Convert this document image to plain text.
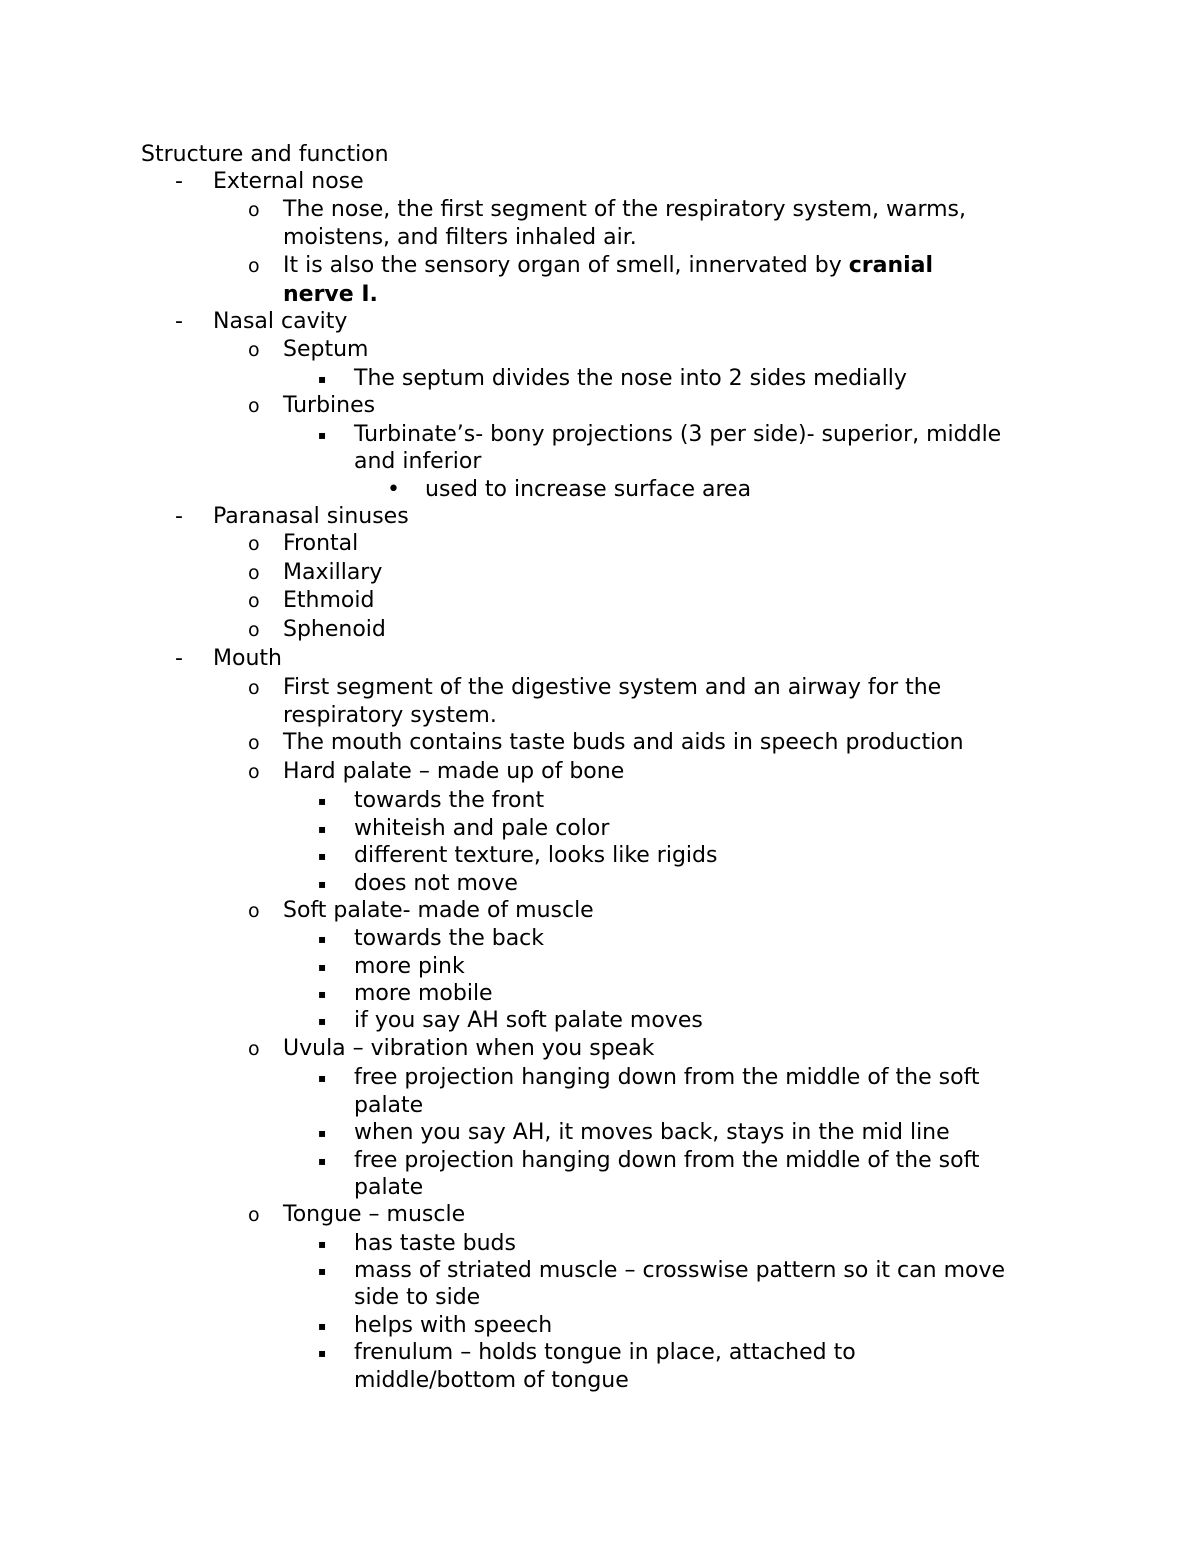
Structure and function
- External nose
o The nose, the first segment of the respiratory system, warms,
moistens, and filters inhaled air.
o It is also the sensory organ of smell, innervated by cranial
nerve I.
- Nasal cavity
o Septum
▪ The septum divides the nose into 2 sides medially
o Turbines
▪ Turbinate’s- bony projections (3 per side)- superior, middle
and inferior
• used to increase surface area
- Paranasal sinuses
o Frontal
o Maxillary
o Ethmoid
o Sphenoid
- Mouth
o First segment of the digestive system and an airway for the
respiratory system.
o The mouth contains taste buds and aids in speech production
o Hard palate – made up of bone
▪ towards the front
▪ whiteish and pale color
▪ different texture, looks like rigids
▪ does not move
o Soft palate- made of muscle
▪ towards the back
▪ more pink
▪ more mobile
▪ if you say AH soft palate moves
o Uvula – vibration when you speak
▪ free projection hanging down from the middle of the soft
palate
▪ when you say AH, it moves back, stays in the mid line
▪ free projection hanging down from the middle of the soft
palate
o Tongue – muscle
▪ has taste buds
▪ mass of striated muscle – crosswise pattern so it can move
side to side
▪ helps with speech
▪ frenulum – holds tongue in place, attached to
middle/bottom of tongue
